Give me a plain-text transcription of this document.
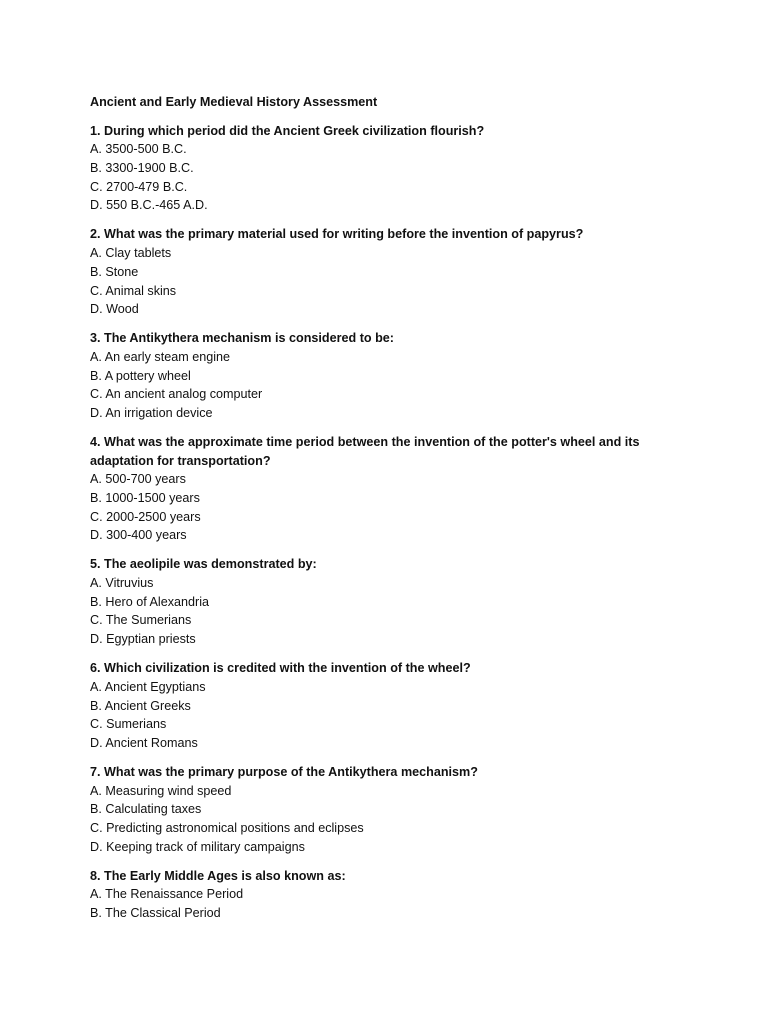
Ancient and Early Medieval History Assessment
1. During which period did the Ancient Greek civilization flourish?
A. 3500-500 B.C.
B. 3300-1900 B.C.
C. 2700-479 B.C.
D. 550 B.C.-465 A.D.
2. What was the primary material used for writing before the invention of papyrus?
A. Clay tablets
B. Stone
C. Animal skins
D. Wood
3. The Antikythera mechanism is considered to be:
A. An early steam engine
B. A pottery wheel
C. An ancient analog computer
D. An irrigation device
4. What was the approximate time period between the invention of the potter's wheel and its adaptation for transportation?
A. 500-700 years
B. 1000-1500 years
C. 2000-2500 years
D. 300-400 years
5. The aeolipile was demonstrated by:
A. Vitruvius
B. Hero of Alexandria
C. The Sumerians
D. Egyptian priests
6. Which civilization is credited with the invention of the wheel?
A. Ancient Egyptians
B. Ancient Greeks
C. Sumerians
D. Ancient Romans
7. What was the primary purpose of the Antikythera mechanism?
A. Measuring wind speed
B. Calculating taxes
C. Predicting astronomical positions and eclipses
D. Keeping track of military campaigns
8. The Early Middle Ages is also known as:
A. The Renaissance Period
B. The Classical Period
